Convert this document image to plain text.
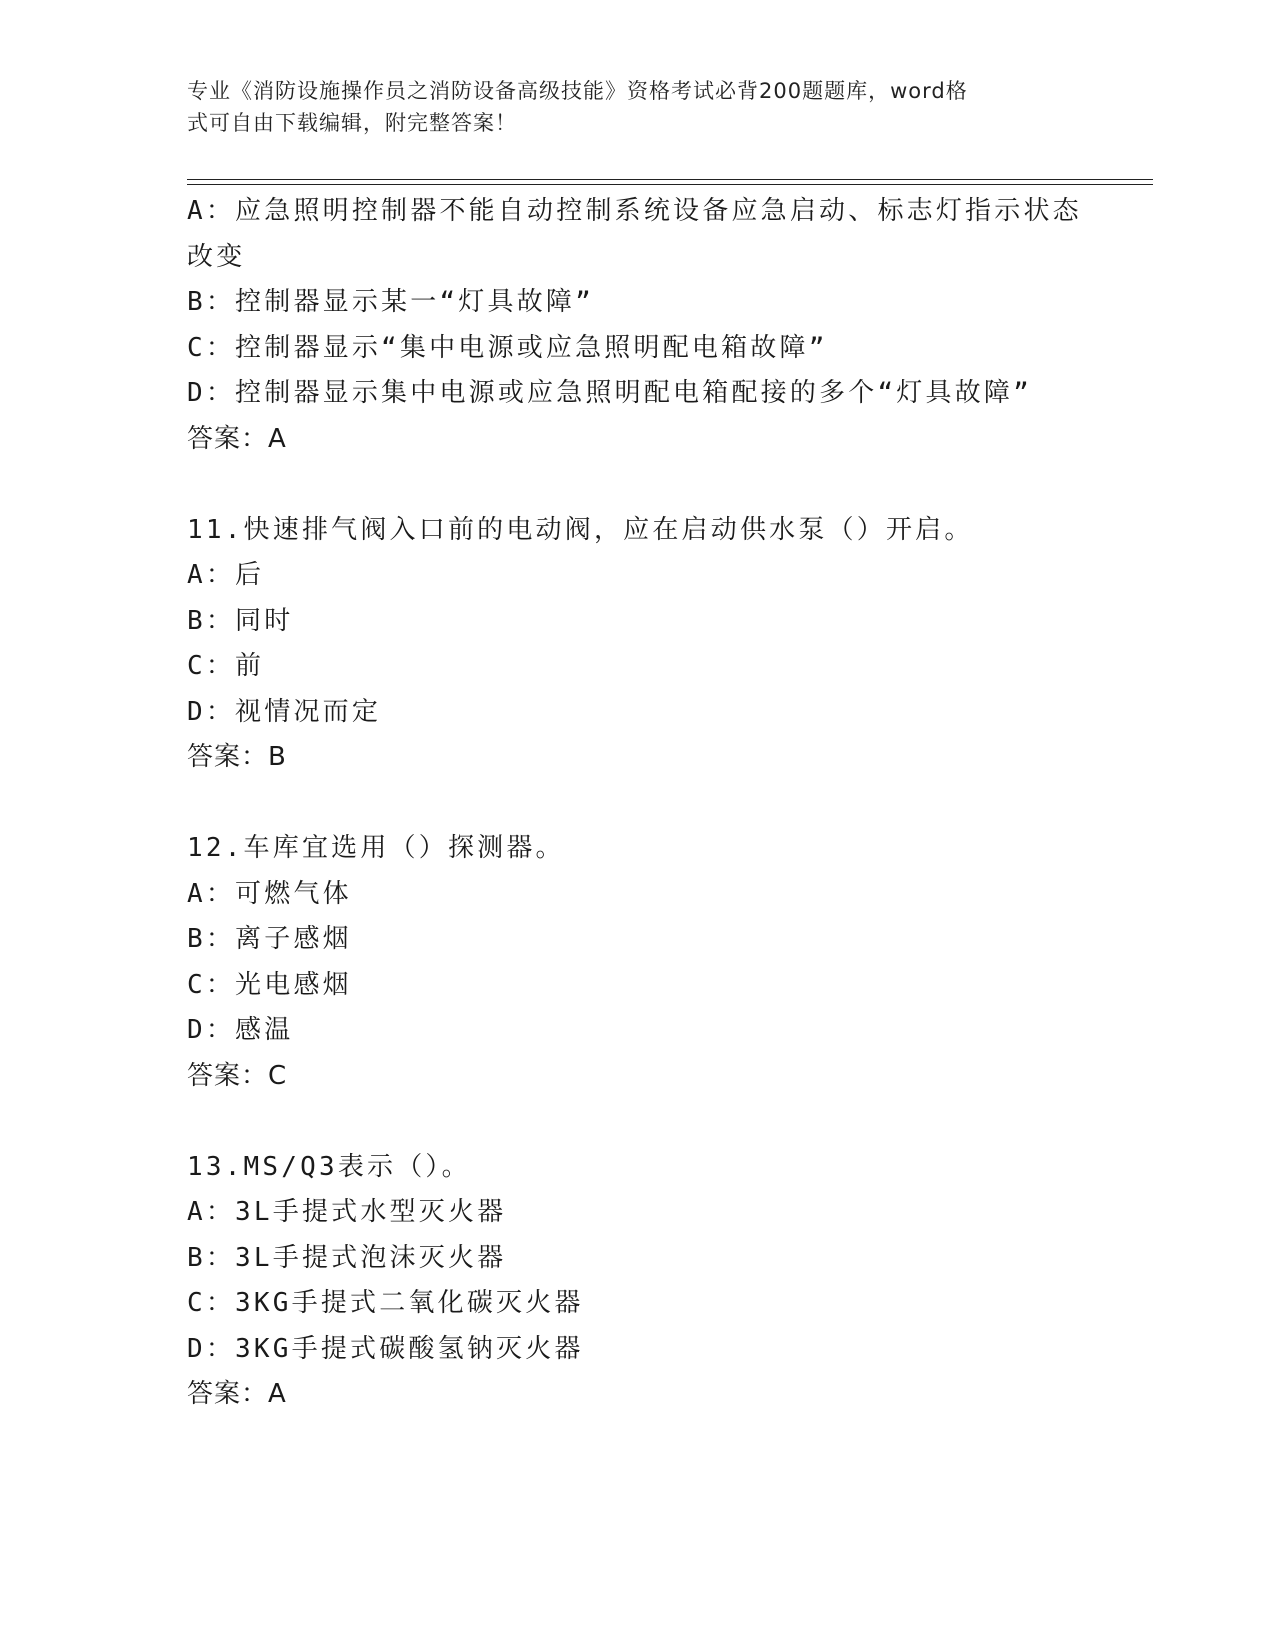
专业《消防设施操作员之消防设备高级技能》资格考试必背200题题库，word格
式可自由下载编辑，附完整答案！
A：应急照明控制器不能自动控制系统设备应急启动、标志灯指示状态
改变
B：控制器显示某一“灯具故障”
C：控制器显示“集中电源或应急照明配电箱故障”
D：控制器显示集中电源或应急照明配电箱配接的多个“灯具故障”
答案：A
11.快速排气阀入口前的电动阀，应在启动供水泵（）开启。
A：后
B：同时
C：前
D：视情况而定
答案：B
12.车库宜选用（）探测器。
A：可燃气体
B：离子感烟
C：光电感烟
D：感温
答案：C
13.MS/Q3表示（）。
A：3L手提式水型灭火器
B：3L手提式泡沫灭火器
C：3KG手提式二氧化碳灭火器
D：3KG手提式碳酸氢钠灭火器
答案：A
